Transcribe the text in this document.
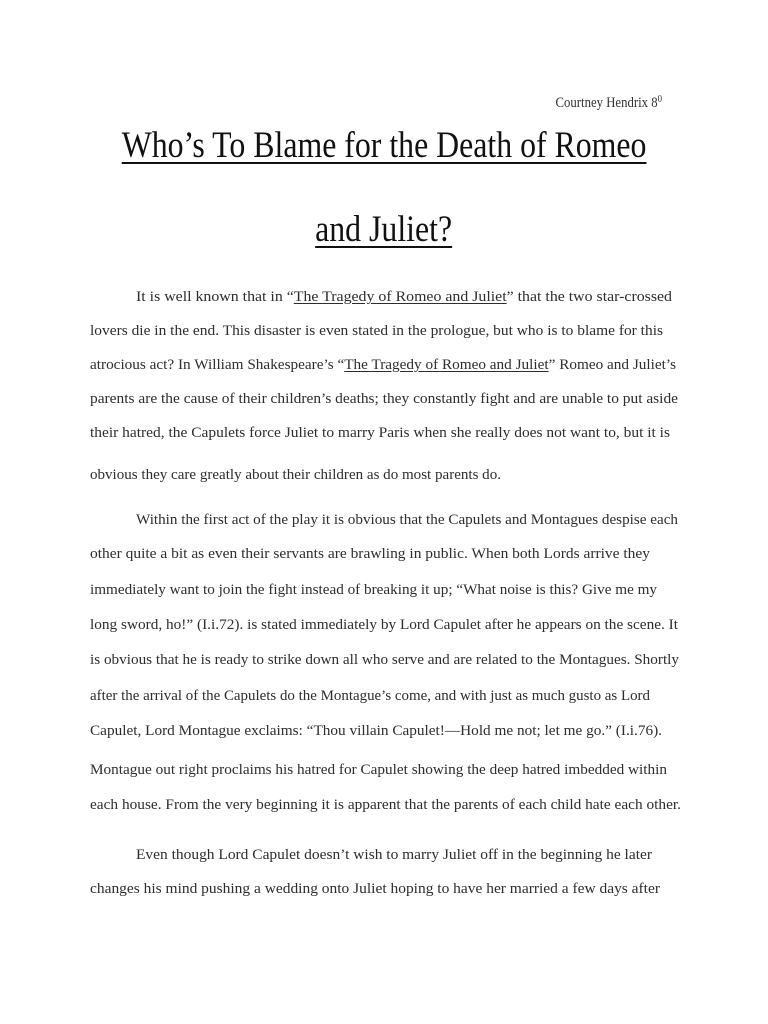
Courtney Hendrix $8^0$
Who’s To Blame for the Death of Romeo
and Juliet?
It is well known that in “The Tragedy of Romeo and Juliet” that the two star-crossed
lovers die in the end. This disaster is even stated in the prologue, but who is to blame for this
atrocious act? In William Shakespeare’s “The Tragedy of Romeo and Juliet” Romeo and Juliet’s
parents are the cause of their children’s deaths; they constantly fight and are unable to put aside
their hatred, the Capulets force Juliet to marry Paris when she really does not want to, but it is
obvious they care greatly about their children as do most parents do.
Within the first act of the play it is obvious that the Capulets and Montagues despise each
other quite a bit as even their servants are brawling in public. When both Lords arrive they
immediately want to join the fight instead of breaking it up; “What noise is this? Give me my
long sword, ho!” (I.i.72). is stated immediately by Lord Capulet after he appears on the scene. It
is obvious that he is ready to strike down all who serve and are related to the Montagues. Shortly
after the arrival of the Capulets do the Montague’s come, and with just as much gusto as Lord
Capulet, Lord Montague exclaims: “Thou villain Capulet!—Hold me not; let me go.” (I.i.76).
Montague out right proclaims his hatred for Capulet showing the deep hatred imbedded within
each house. From the very beginning it is apparent that the parents of each child hate each other.
Even though Lord Capulet doesn’t wish to marry Juliet off in the beginning he later
changes his mind pushing a wedding onto Juliet hoping to have her married a few days after
